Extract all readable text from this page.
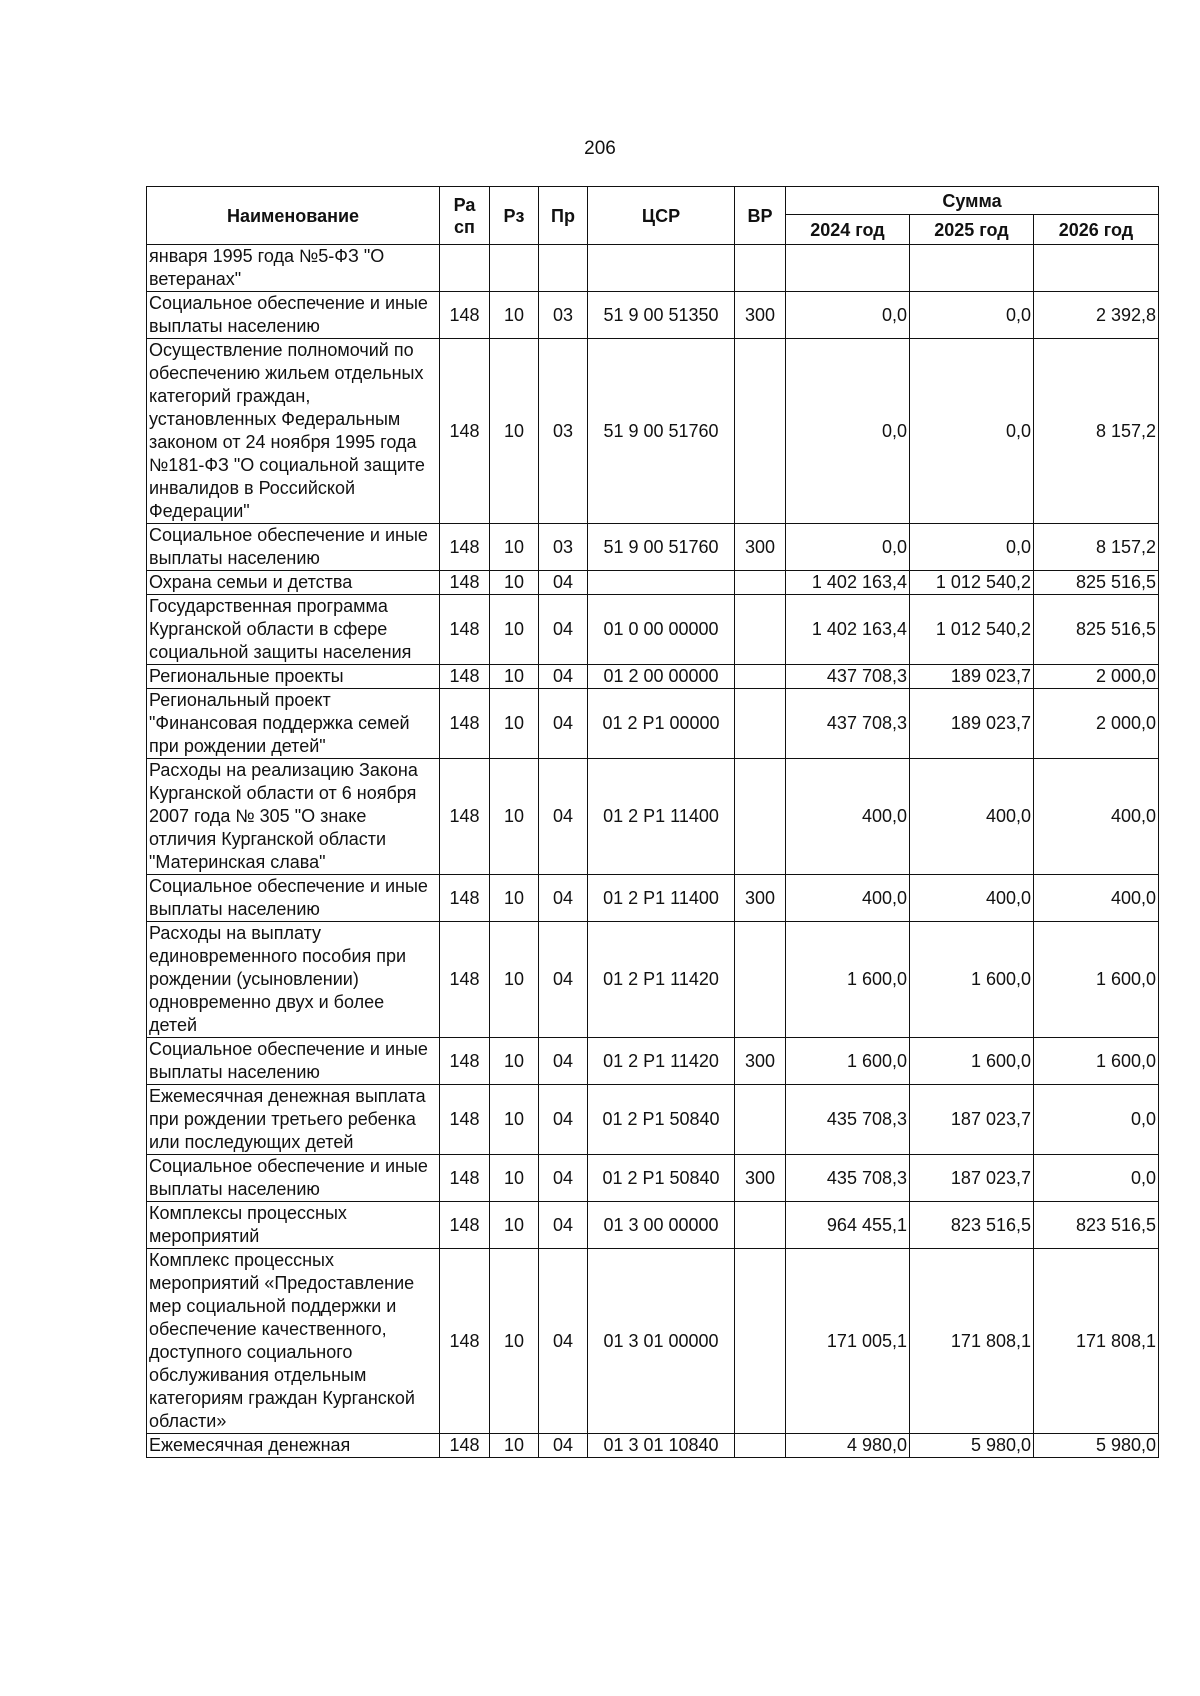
206
Наименование	Ра сп	Рз	Пр	ЦСР	ВР	Сумма		
						2024 год	2025 год	2026 год
января 1995 года №5-ФЗ "О ветеранах"								
Социальное обеспечение и иные выплаты населению	148	10	03	51 9 00 51350	300	0,0	0,0	2 392,8
Осуществление полномочий по обеспечению жильем отдельных категорий граждан, установленных Федеральным законом от 24 ноября 1995 года №181-ФЗ "О социальной защите инвалидов в Российской Федерации"	148	10	03	51 9 00 51760		0,0	0,0	8 157,2
Социальное обеспечение и иные выплаты населению	148	10	03	51 9 00 51760	300	0,0	0,0	8 157,2
Охрана семьи и детства	148	10	04			1 402 163,4	1 012 540,2	825 516,5
Государственная программа Курганской области в сфере социальной защиты населения	148	10	04	01 0 00 00000		1 402 163,4	1 012 540,2	825 516,5
Региональные проекты	148	10	04	01 2 00 00000		437 708,3	189 023,7	2 000,0
Региональный проект "Финансовая поддержка семей при рождении детей"	148	10	04	01 2 P1 00000		437 708,3	189 023,7	2 000,0
Расходы на реализацию Закона Курганской области от 6 ноября 2007 года № 305 "О знаке отличия Курганской области "Материнская слава"	148	10	04	01 2 P1 11400		400,0	400,0	400,0
Социальное обеспечение и иные выплаты населению	148	10	04	01 2 P1 11400	300	400,0	400,0	400,0
Расходы на выплату единовременного пособия при рождении (усыновлении) одновременно двух и более детей	148	10	04	01 2 P1 11420		1 600,0	1 600,0	1 600,0
Социальное обеспечение и иные выплаты населению	148	10	04	01 2 P1 11420	300	1 600,0	1 600,0	1 600,0
Ежемесячная денежная выплата при рождении третьего ребенка или последующих детей	148	10	04	01 2 P1 50840		435 708,3	187 023,7	0,0
Социальное обеспечение и иные выплаты населению	148	10	04	01 2 P1 50840	300	435 708,3	187 023,7	0,0
Комплексы процессных мероприятий	148	10	04	01 3 00 00000		964 455,1	823 516,5	823 516,5
Комплекс процессных мероприятий «Предоставление мер социальной поддержки и обеспечение качественного, доступного социального обслуживания отдельным категориям граждан Курганской области»	148	10	04	01 3 01 00000		171 005,1	171 808,1	171 808,1
Ежемесячная денежная	148	10	04	01 3 01 10840		4 980,0	5 980,0	5 980,0
